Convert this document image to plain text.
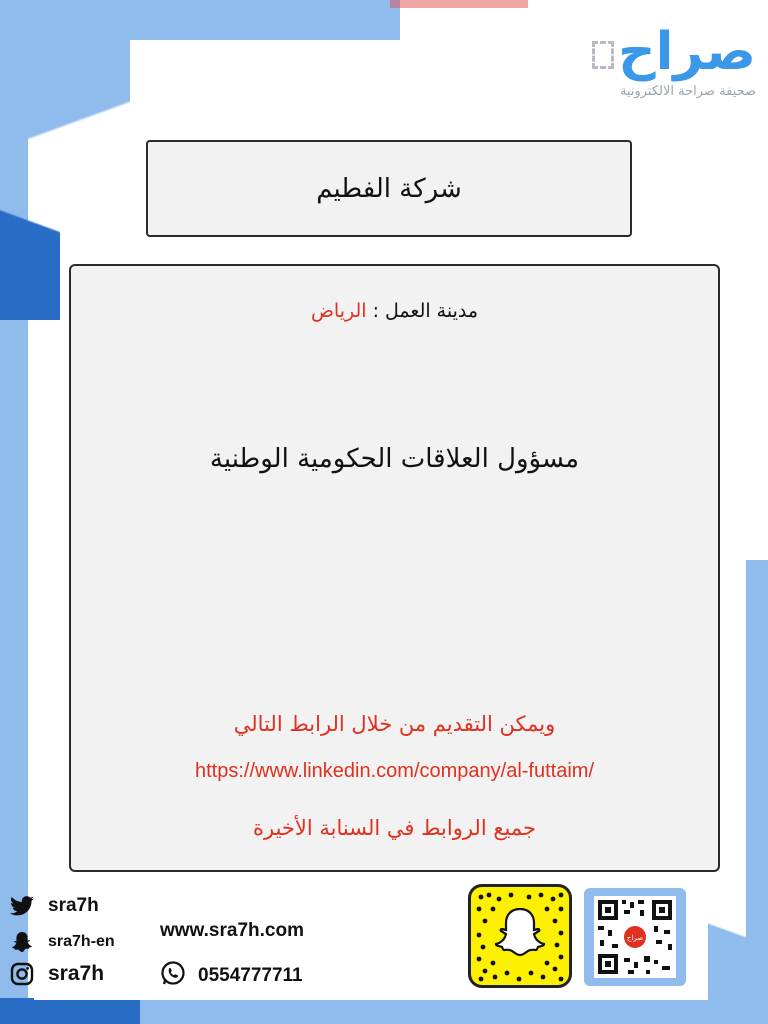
صراح
صحيفة صراحة الالكترونية
شركة الفطيم
مدينة العمل : الرياض
مسؤول العلاقات الحكومية الوطنية
ويمكن التقديم من خلال الرابط التالي
https://www.linkedin.com/company/al-futtaim/
جميع الروابط في السنابة الأخيرة
sra7h
sra7h-en
sra7h
www.sra7h.com
0554777711
صراح
